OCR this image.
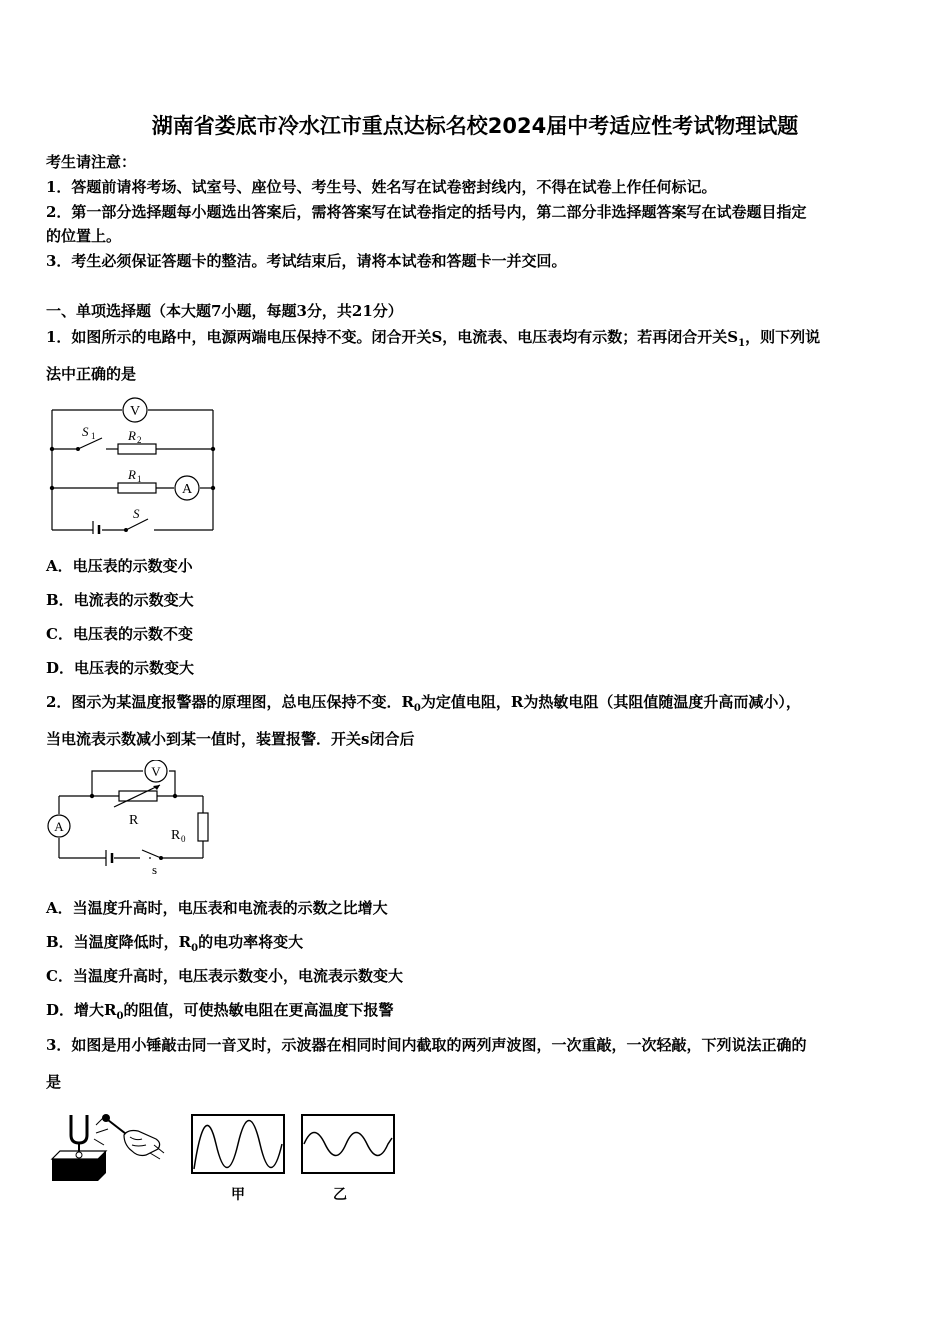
湖南省娄底市冷水江市重点达标名校2024届中考适应性考试物理试题
考生请注意：
1．答题前请将考场、试室号、座位号、考生号、姓名写在试卷密封线内，不得在试卷上作任何标记。
2．第一部分选择题每小题选出答案后，需将答案写在试卷指定的括号内，第二部分非选择题答案写在试卷题目指定
的位置上。
3．考生必须保证答题卡的整洁。考试结束后，请将本试卷和答题卡一并交回。
一、单项选择题（本大题7小题，每题3分，共21分）
1．如图所示的电路中，电源两端电压保持不变。闭合开关S，电流表、电压表均有示数；若再闭合开关$S_1$，则下列说
法中正确的是
V
A
S 1	R 2
R 1
S
A．电压表的示数变小
B．电流表的示数变大
C．电压表的示数不变
D．电压表的示数变大
2．图示为某温度报警器的原理图，总电压保持不变．$R_0$为定值电阻，R为热敏电阻（其阻值随温度升高而减小），
当电流表示数减小到某一值时，装置报警．开关s闭合后
V
A	R
R 0
s
A．当温度升高时，电压表和电流表的示数之比增大
B．当温度降低时，$R_0$的电功率将变大
C．当温度升高时，电压表示数变小，电流表示数变大
D．增大$R_0$的阻值，可使热敏电阻在更高温度下报警
3．如图是用小锤敲击同一音叉时，示波器在相同时间内截取的两列声波图，一次重敲，一次轻敲，下列说法正确的
是
甲	乙
